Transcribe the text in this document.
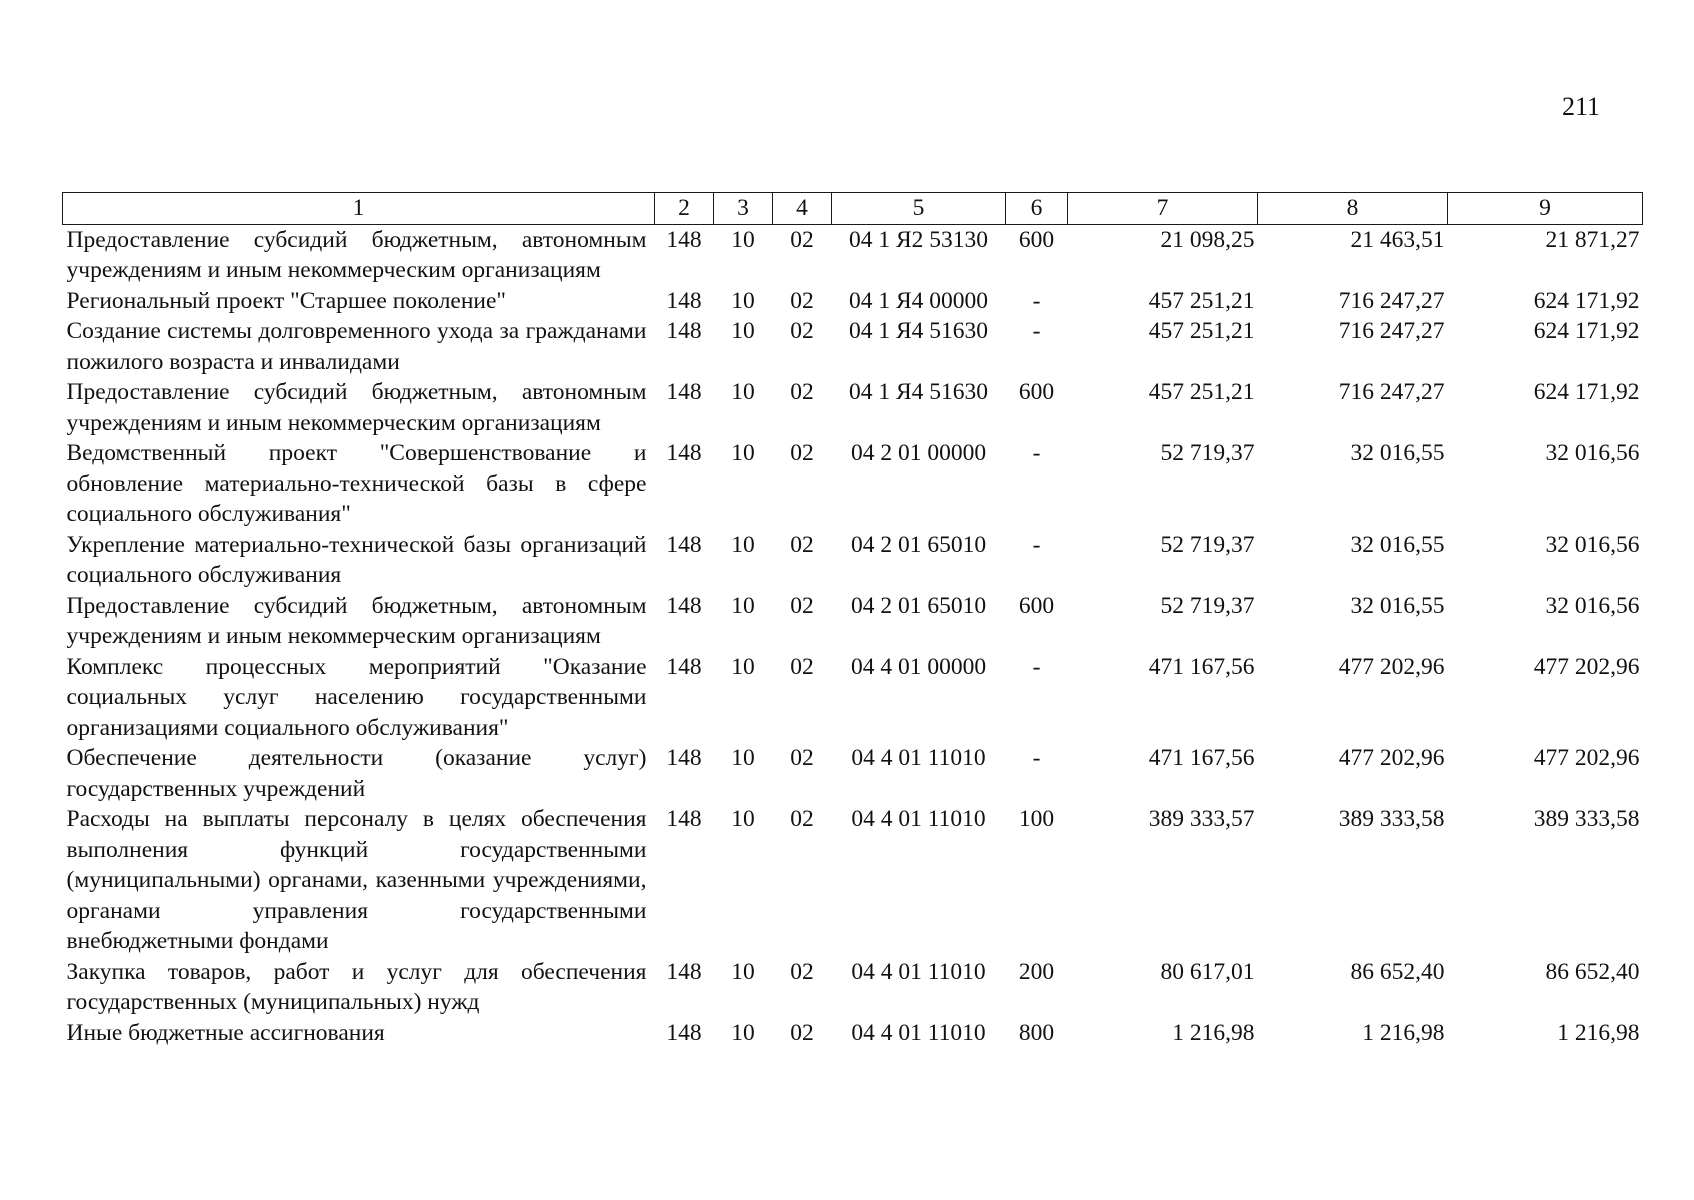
211
1	2	3	4	5	6	7	8	9
Предоставление субсидий бюджетным, автономным учреждениям и иным некоммерческим организациям	148	10	02	04 1 Я2 53130	600	21 098,25	21 463,51	21 871,27
Региональный проект "Старшее поколение"	148	10	02	04 1 Я4 00000	-	457 251,21	716 247,27	624 171,92
Создание системы долговременного ухода за гражданами пожилого возраста и инвалидами	148	10	02	04 1 Я4 51630	-	457 251,21	716 247,27	624 171,92
Предоставление субсидий бюджетным, автономным учреждениям и иным некоммерческим организациям	148	10	02	04 1 Я4 51630	600	457 251,21	716 247,27	624 171,92
Ведомственный проект "Совершенствование и обновление материально-технической базы в сфере социального обслуживания"	148	10	02	04 2 01 00000	-	52 719,37	32 016,55	32 016,56
Укрепление материально-технической базы организаций социального обслуживания	148	10	02	04 2 01 65010	-	52 719,37	32 016,55	32 016,56
Предоставление субсидий бюджетным, автономным учреждениям и иным некоммерческим организациям	148	10	02	04 2 01 65010	600	52 719,37	32 016,55	32 016,56
Комплекс процессных мероприятий "Оказание социальных услуг населению государственными организациями социального обслуживания"	148	10	02	04 4 01 00000	-	471 167,56	477 202,96	477 202,96
Обеспечение деятельности (оказание услуг) государственных учреждений	148	10	02	04 4 01 11010	-	471 167,56	477 202,96	477 202,96
Расходы на выплаты персоналу в целях обеспечения выполнения функций государственными (муниципальными) органами, казенными учреждениями, органами управления государственными внебюджетными фондами	148	10	02	04 4 01 11010	100	389 333,57	389 333,58	389 333,58
Закупка товаров, работ и услуг для обеспечения государственных (муниципальных) нужд	148	10	02	04 4 01 11010	200	80 617,01	86 652,40	86 652,40
Иные бюджетные ассигнования	148	10	02	04 4 01 11010	800	1 216,98	1 216,98	1 216,98
